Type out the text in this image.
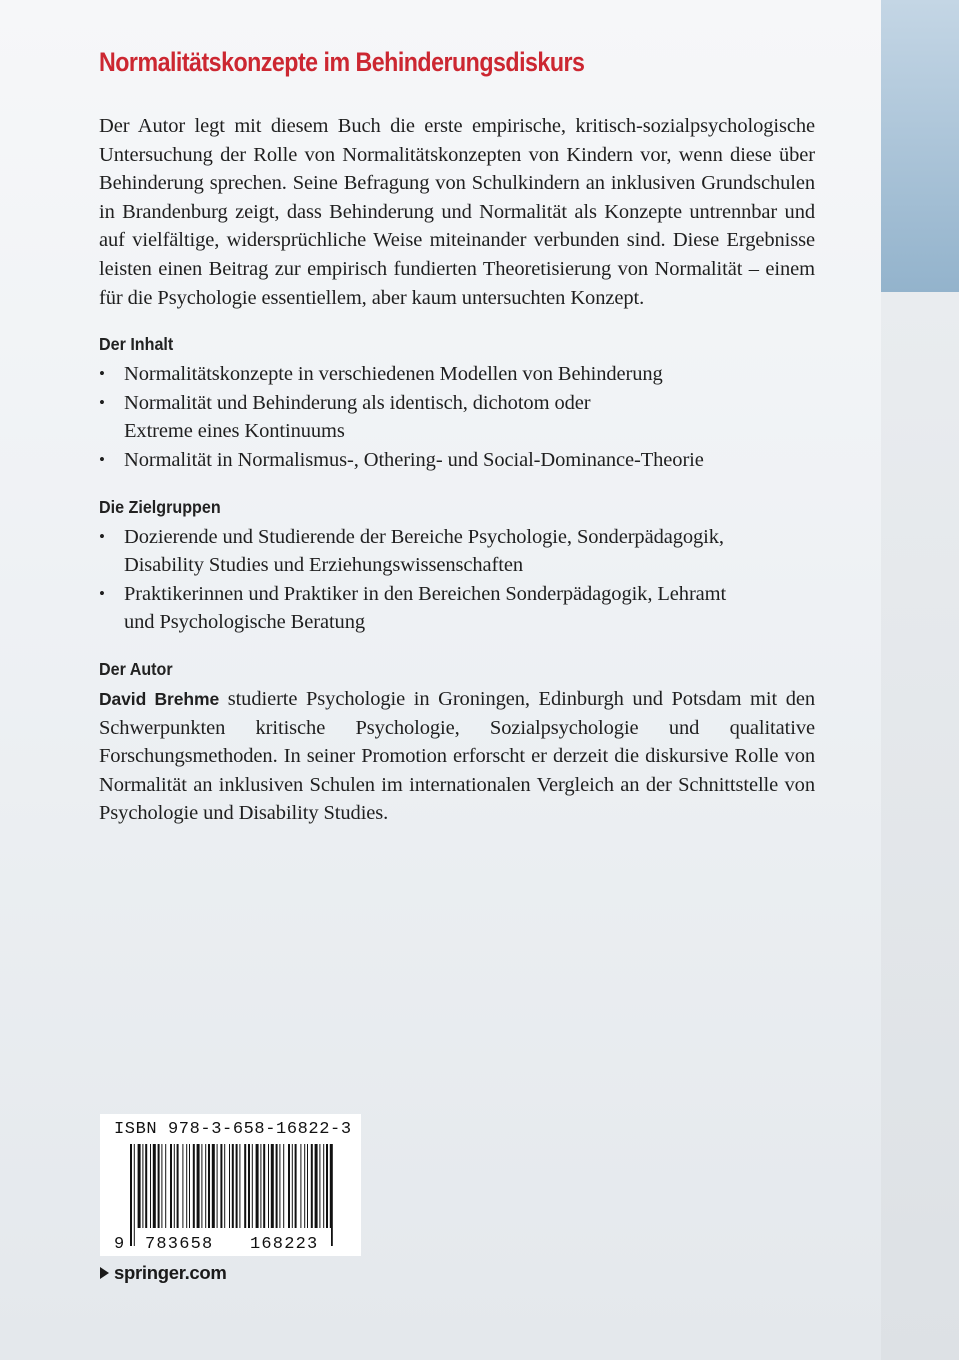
Normalitätskonzepte im Behinderungsdiskurs

Der Autor legt mit diesem Buch die erste empirische, kritisch-sozialpsychologische Untersuchung der Rolle von Normalitätskonzepten von Kindern vor, wenn diese über Behinderung sprechen. Seine Befragung von Schulkindern an inklusiven Grundschulen in Brandenburg zeigt, dass Behinderung und Normalität als Konzepte untrennbar und auf vielfältige, widersprüchliche Weise miteinander verbunden sind. Diese Ergebnisse leisten einen Beitrag zur empirisch fundierten Theoretisierung von Normalität – einem für die Psychologie essentiellem, aber kaum untersuchten Konzept.

Der Inhalt
• Normalitätskonzepte in verschiedenen Modellen von Behinderung
• Normalität und Behinderung als identisch, dichotom oder Extreme eines Kontinuums
• Normalität in Normalismus-, Othering- und Social-Dominance-Theorie
Die Zielgruppen
• Dozierende und Studierende der Bereiche Psychologie, Sonderpädagogik, Disability Studies und Erziehungswissenschaften
• Praktikerinnen und Praktiker in den Bereichen Sonderpädagogik, Lehramt und Psychologische Beratung
Der Autor

David Brehme studierte Psychologie in Groningen, Edinburgh und Potsdam mit den Schwerpunkten kritische Psychologie, Sozialpsychologie und qualitative Forschungsmethoden. In seiner Promotion erforscht er derzeit die diskursive Rolle von Normalität an inklusiven Schulen im internationalen Vergleich an der Schnittstelle von Psychologie und Disability Studies.

ISBN 978-3-658-16822-3
9 783658 168223
springer.com
